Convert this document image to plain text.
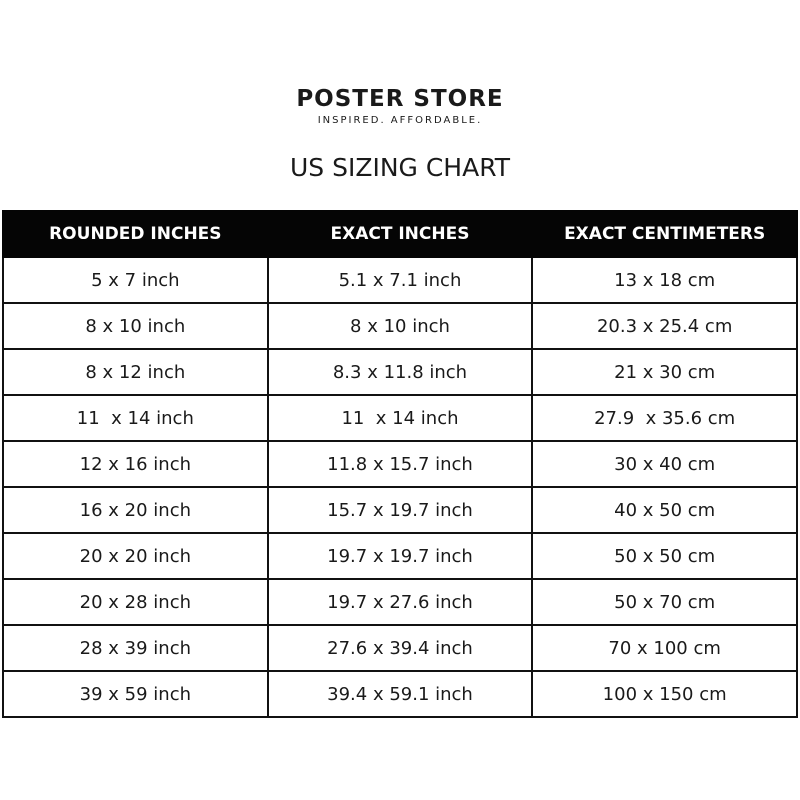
POSTER STORE
INSPIRED. AFFORDABLE.
US SIZING CHART
ROUNDED INCHES	EXACT INCHES	EXACT CENTIMETERS
5 x 7 inch	5.1 x 7.1 inch	13 x 18 cm
8 x 10 inch	8 x 10 inch	20.3 x 25.4 cm
8 x 12 inch	8.3 x 11.8 inch	21 x 30 cm
11  x 14 inch	11  x 14 inch	27.9  x 35.6 cm
12 x 16 inch	11.8 x 15.7 inch	30 x 40 cm
16 x 20 inch	15.7 x 19.7 inch	40 x 50 cm
20 x 20 inch	19.7 x 19.7 inch	50 x 50 cm
20 x 28 inch	19.7 x 27.6 inch	50 x 70 cm
28 x 39 inch	27.6 x 39.4 inch	70 x 100 cm
39 x 59 inch	39.4 x 59.1 inch	100 x 150 cm
